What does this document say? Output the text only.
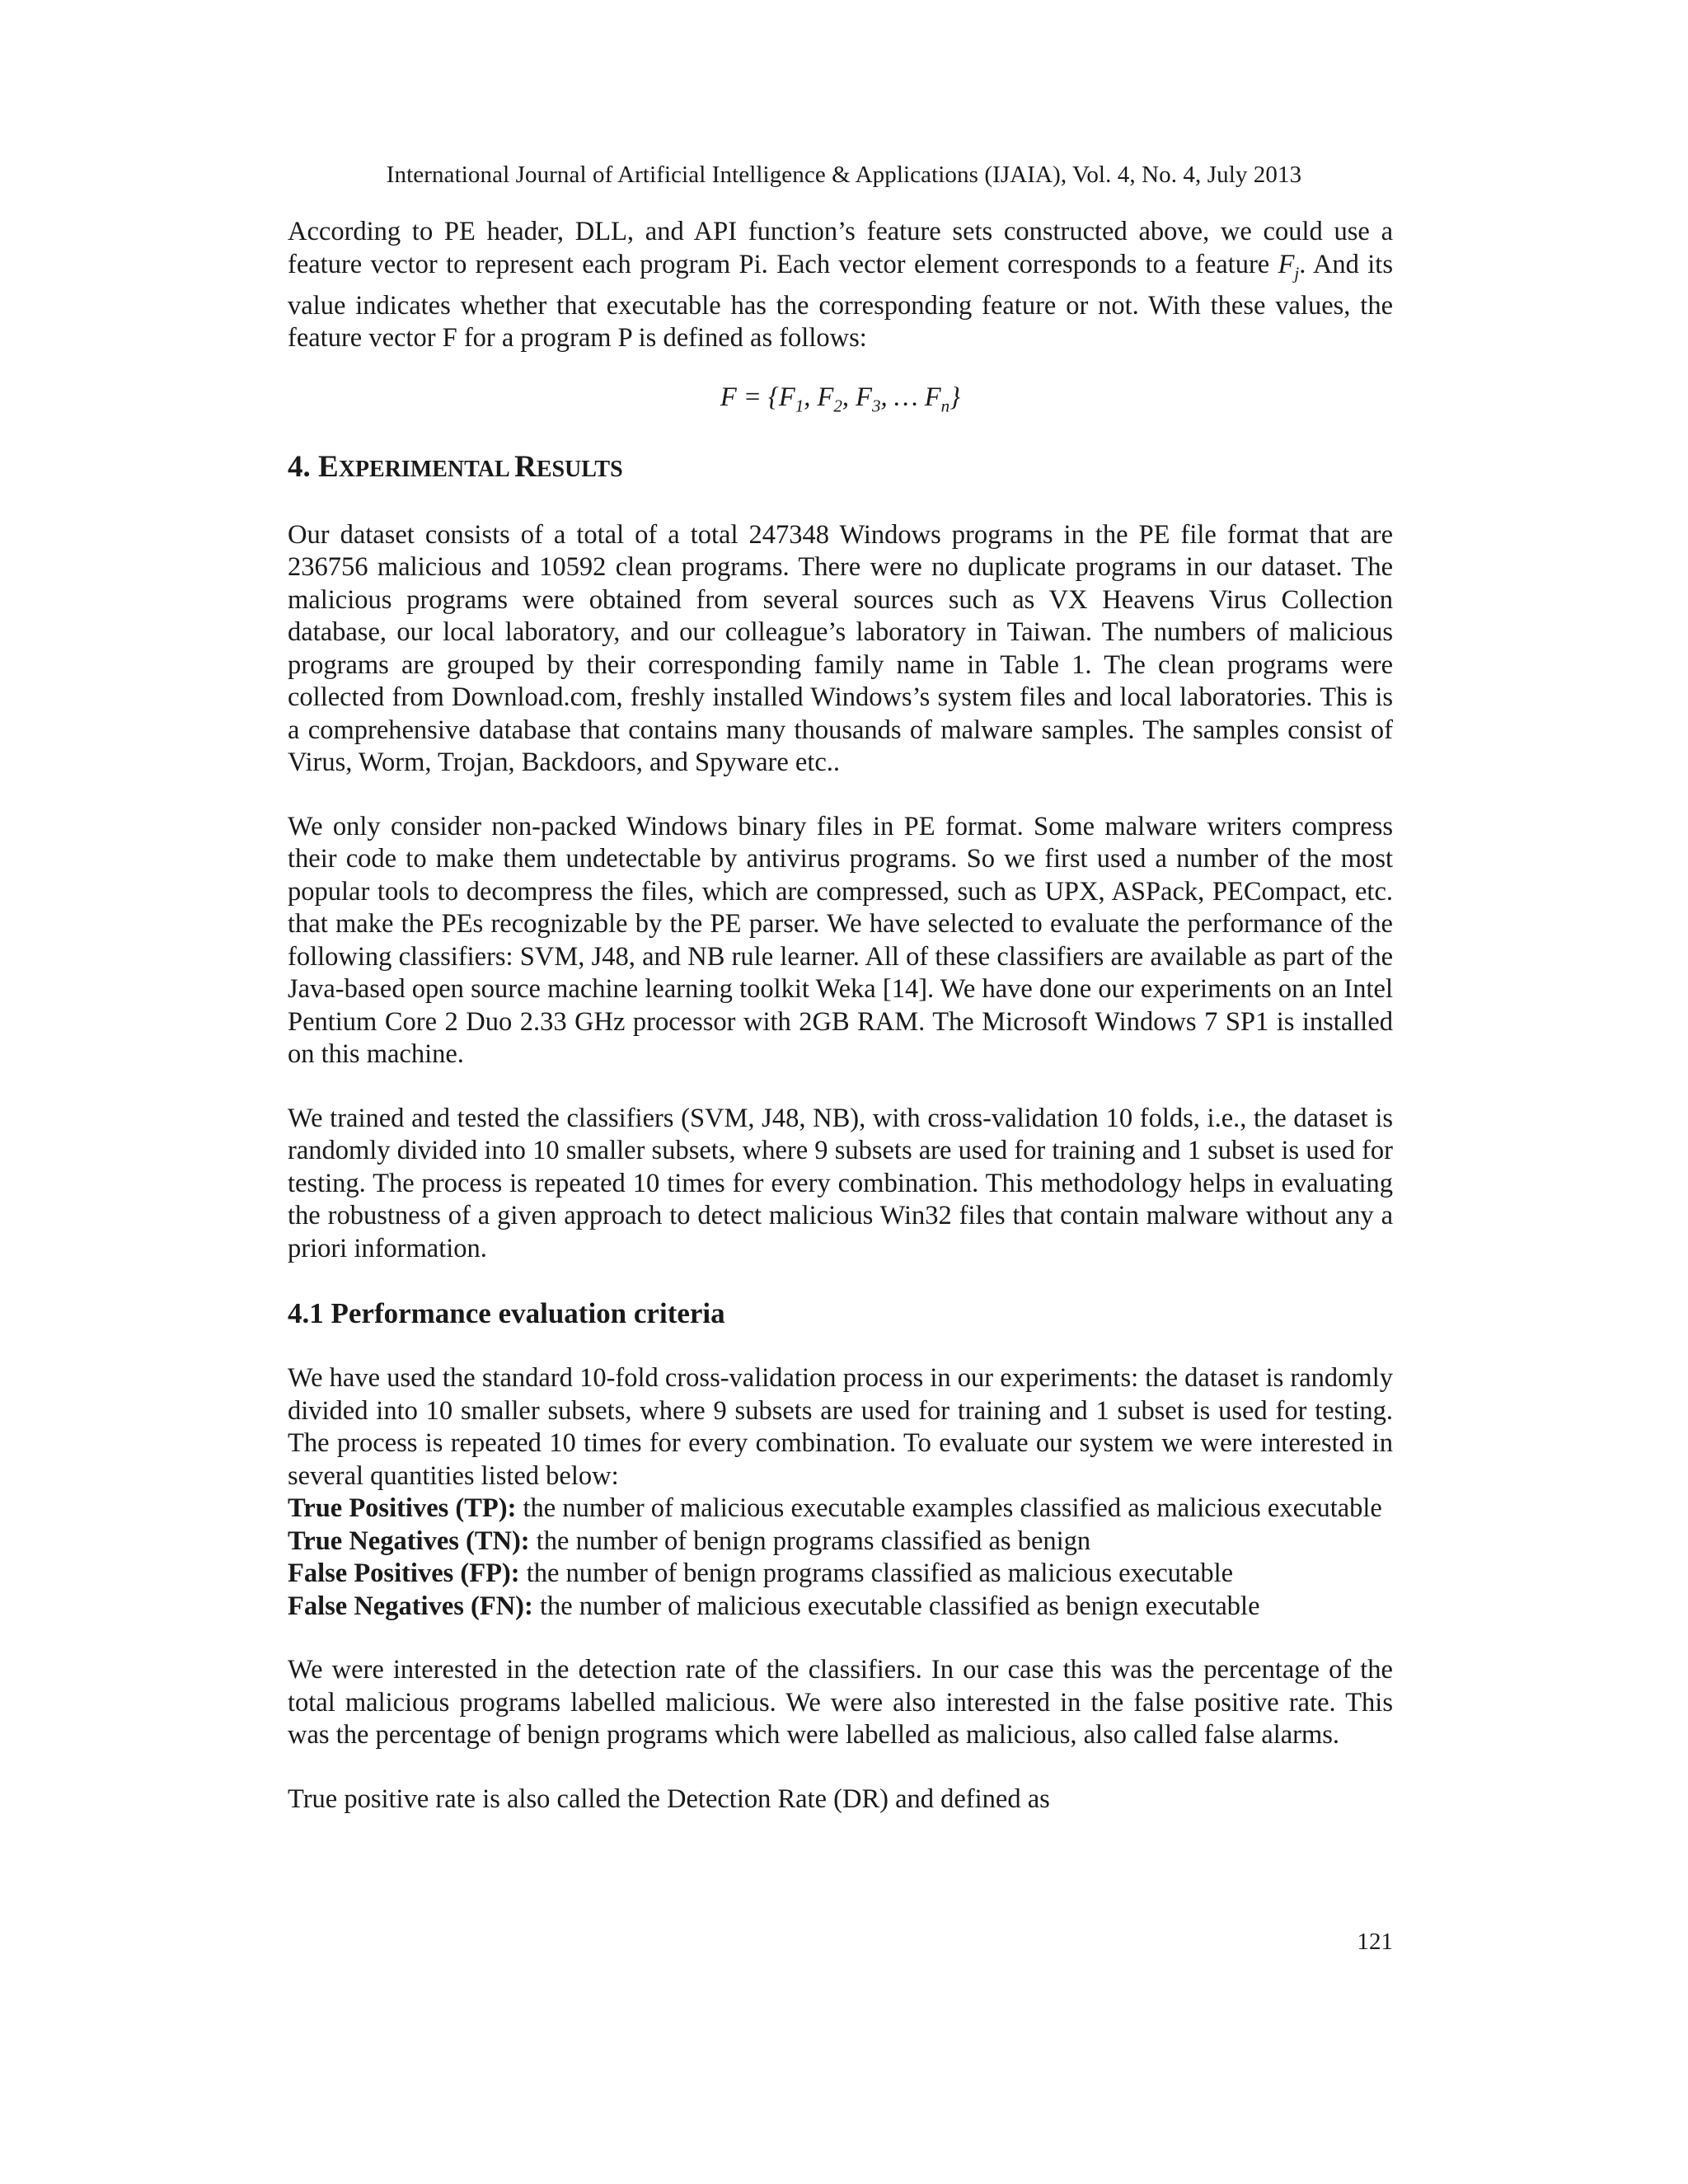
International Journal of Artificial Intelligence & Applications (IJAIA), Vol. 4, No. 4, July 2013

According to PE header, DLL, and API function’s feature sets constructed above, we could use a feature vector to represent each program Pi. Each vector element corresponds to a feature $F_j$. And its value indicates whether that executable has the corresponding feature or not. With these values, the feature vector F for a program P is defined as follows:

$F = \{F_1$, $F_2$, $F_3$, … $F_n$}
4. EXPERIMENTAL RESULTS

Our dataset consists of a total of a total 247348 Windows programs in the PE file format that are 236756 malicious and 10592 clean programs. There were no duplicate programs in our dataset. The malicious programs were obtained from several sources such as VX Heavens Virus Collection database, our local laboratory, and our colleague’s laboratory in Taiwan. The numbers of malicious programs are grouped by their corresponding family name in Table 1. The clean programs were collected from Download.com, freshly installed Windows’s system files and local laboratories. This is a comprehensive database that contains many thousands of malware samples. The samples consist of Virus, Worm, Trojan, Backdoors, and Spyware etc..

We only consider non-packed Windows binary files in PE format. Some malware writers compress their code to make them undetectable by antivirus programs. So we first used a number of the most popular tools to decompress the files, which are compressed, such as UPX, ASPack, PECompact, etc. that make the PEs recognizable by the PE parser. We have selected to evaluate the performance of the following classifiers: SVM, J48, and NB rule learner. All of these classifiers are available as part of the Java-based open source machine learning toolkit Weka [14]. We have done our experiments on an Intel Pentium Core 2 Duo 2.33 GHz processor with 2GB RAM. The Microsoft Windows 7 SP1 is installed on this machine.

We trained and tested the classifiers (SVM, J48, NB), with cross-validation 10 folds, i.e., the dataset is randomly divided into 10 smaller subsets, where 9 subsets are used for training and 1 subset is used for testing. The process is repeated 10 times for every combination. This methodology helps in evaluating the robustness of a given approach to detect malicious Win32 files that contain malware without any a priori information.

4.1 Performance evaluation criteria

We have used the standard 10-fold cross-validation process in our experiments: the dataset is randomly divided into 10 smaller subsets, where 9 subsets are used for training and 1 subset is used for testing. The process is repeated 10 times for every combination. To evaluate our system we were interested in several quantities listed below:

True Positives (TP): the number of malicious executable examples classified as malicious executable

True Negatives (TN): the number of benign programs classified as benign

False Positives (FP): the number of benign programs classified as malicious executable

False Negatives (FN): the number of malicious executable classified as benign executable

We were interested in the detection rate of the classifiers. In our case this was the percentage of the total malicious programs labelled malicious. We were also interested in the false positive rate. This was the percentage of benign programs which were labelled as malicious, also called false alarms.

True positive rate is also called the Detection Rate (DR) and defined as

121
